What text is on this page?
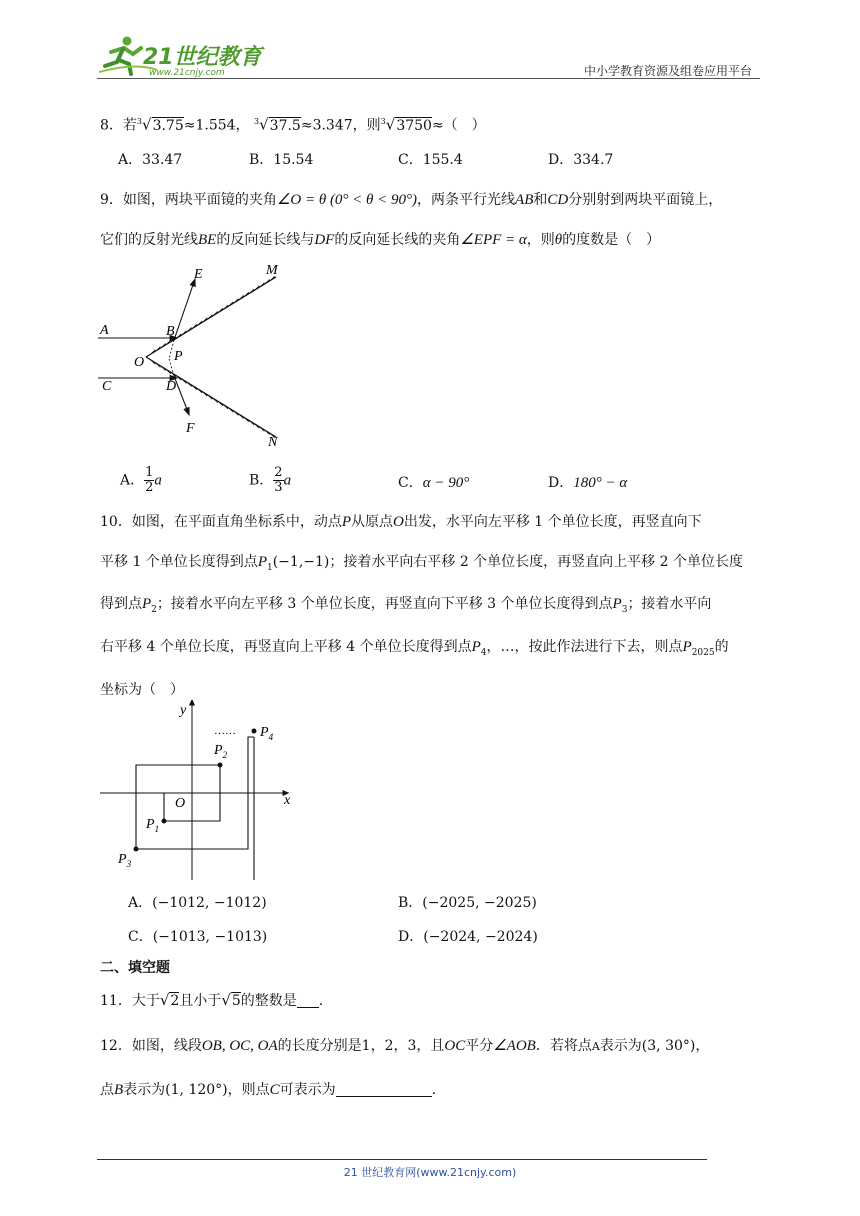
21世纪教育
www.21cnjy.com	中小学教育资源及组卷应用平台
8．若$^3$√3.75≈1.554， $^3$√37.5≈3.347，则$^3$√3750≈（　）
A．33.47	B．15.54	C．155.4	D．334.7
9．如图，两块平面镜的夹角∠O = θ (0° < θ < 90°)，两条平行光线AB和CD分别射到两块平面镜上，
它们的反射光线BE的反向延长线与DF的反向延长线的夹角∠EPF = α，则θ的度数是（　）
E	M
A	B
O P
C	D
F
N
A． $\frac{1}{2}$ a	B． $\frac{2}{3}$ a	C．α − 90°	D．180° − α
10．如图，在平面直角坐标系中，动点P从原点O出发，水平向左平移 1 个单位长度，再竖直向下
平移 1 个单位长度得到点$P_1(-1,-1)$；接着水平向右平移 2 个单位长度，再竖直向上平移 2 个单位长度
得到点$P_2$；接着水平向左平移 3 个单位长度，再竖直向下平移 3 个单位长度得到点$P_3$；接着水平向
右平移 4 个单位长度，再竖直向上平移 4 个单位长度得到点$P_4$，…，按此作法进行下去，则点$P_{2025}$的
坐标为（　）
y
x
O
……
$P_1$
$P_2$
$P_3$
$P_4$
A．(−1012, −1012)	B．(−2025, −2025)
C．(−1013, −1013)	D．(−2024, −2024)
二、填空题
11．大于√2且小于√5的整数是 .
12．如图，线段OB, OC, OA的长度分别是1，2，3，且OC平分∠AOB．若将点A表示为(3, 30°)，
点B表示为(1, 120°)，则点C可表示为	.
21 世纪教育网(www.21cnjy.com)
